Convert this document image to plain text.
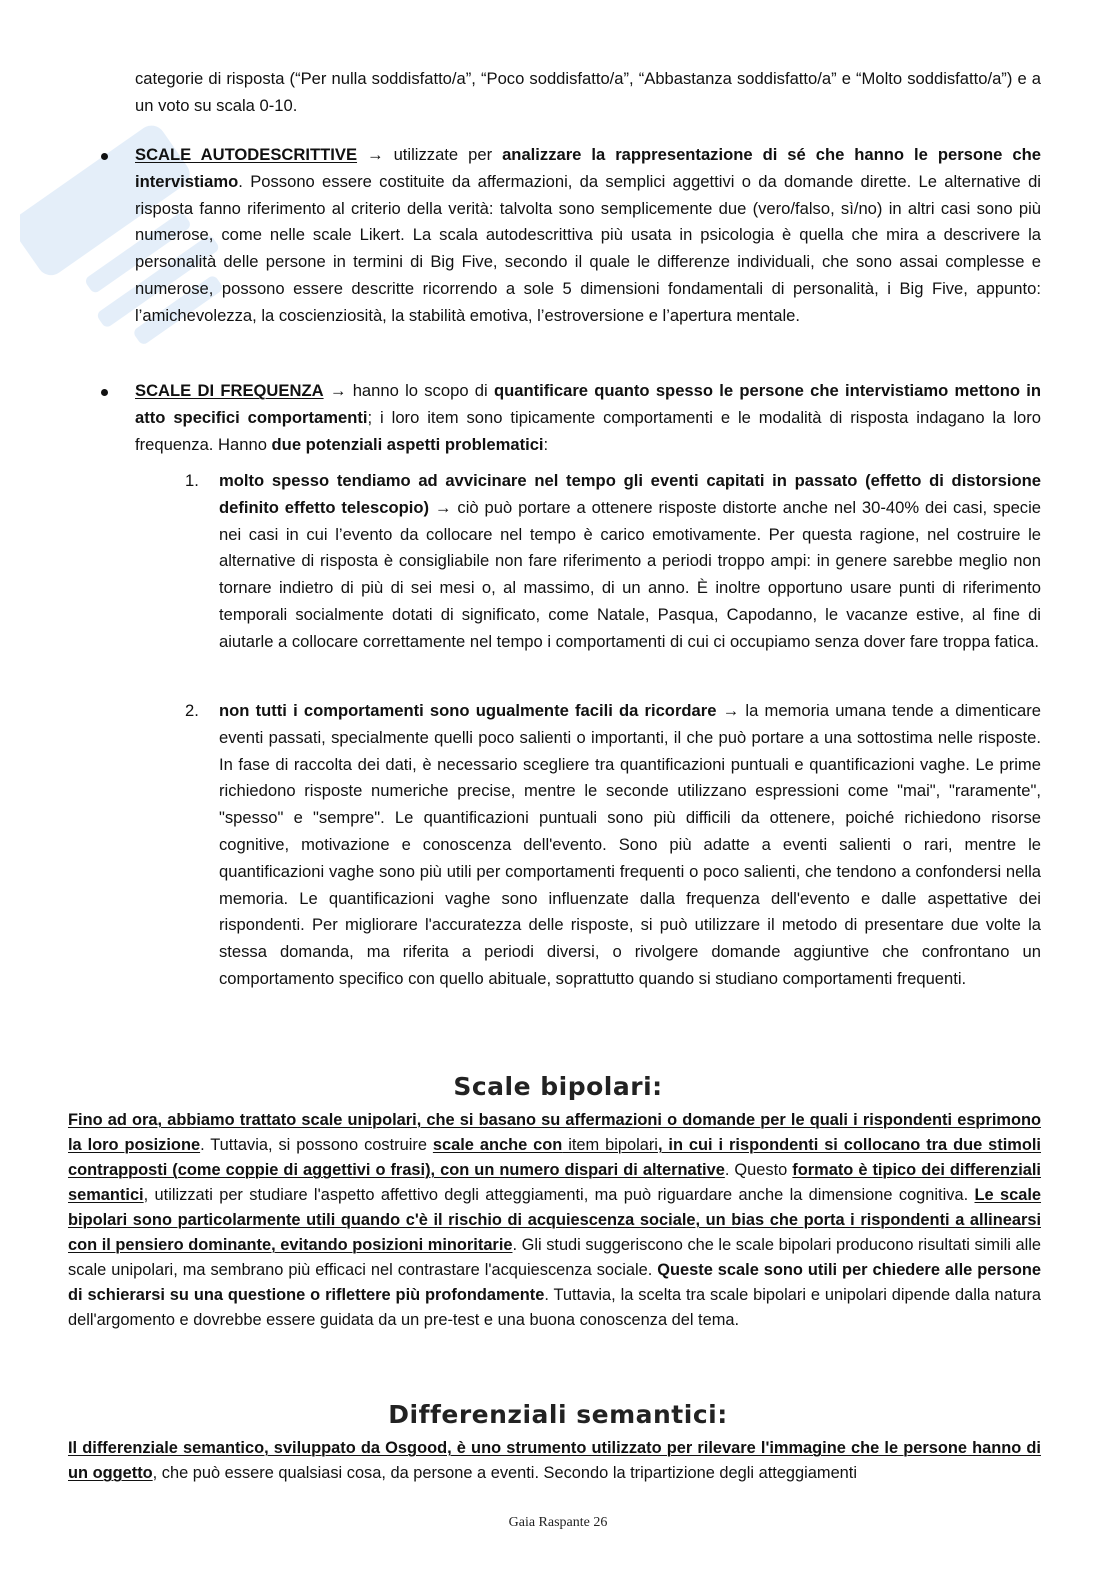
categorie di risposta (“Per nulla soddisfatto/a”, “Poco soddisfatto/a”, “Abbastanza soddisfatto/a” e “Molto soddisfatto/a”) e a un voto su scala 0-10.

SCALE AUTODESCRITTIVE → utilizzate per analizzare la rappresentazione di sé che hanno le persone che intervistiamo. Possono essere costituite da affermazioni, da semplici aggettivi o da domande dirette. Le alternative di risposta fanno riferimento al criterio della verità: talvolta sono semplicemente due (vero/falso, sì/no) in altri casi sono più numerose, come nelle scale Likert. La scala autodescrittiva più usata in psicologia è quella che mira a descrivere la personalità delle persone in termini di Big Five, secondo il quale le differenze individuali, che sono assai complesse e numerose, possono essere descritte ricorrendo a sole 5 dimensioni fondamentali di personalità, i Big Five, appunto: l’amichevolezza, la coscienziosità, la stabilità emotiva, l’estroversione e l’apertura mentale.

SCALE DI FREQUENZA → hanno lo scopo di quantificare quanto spesso le persone che intervistiamo mettono in atto specifici comportamenti; i loro item sono tipicamente comportamenti e le modalità di risposta indagano la loro frequenza. Hanno due potenziali aspetti problematici:

1. molto spesso tendiamo ad avvicinare nel tempo gli eventi capitati in passato (effetto di distorsione definito effetto telescopio) → ciò può portare a ottenere risposte distorte anche nel 30-40% dei casi, specie nei casi in cui l’evento da collocare nel tempo è carico emotivamente. Per questa ragione, nel costruire le alternative di risposta è consigliabile non fare riferimento a periodi troppo ampi: in genere sarebbe meglio non tornare indietro di più di sei mesi o, al massimo, di un anno. È inoltre opportuno usare punti di riferimento temporali socialmente dotati di significato, come Natale, Pasqua, Capodanno, le vacanze estive, al fine di aiutarle a collocare correttamente nel tempo i comportamenti di cui ci occupiamo senza dover fare troppa fatica.

2. non tutti i comportamenti sono ugualmente facili da ricordare → la memoria umana tende a dimenticare eventi passati, specialmente quelli poco salienti o importanti, il che può portare a una sottostima nelle risposte. In fase di raccolta dei dati, è necessario scegliere tra quantificazioni puntuali e quantificazioni vaghe. Le prime richiedono risposte numeriche precise, mentre le seconde utilizzano espressioni come "mai", "raramente", "spesso" e "sempre". Le quantificazioni puntuali sono più difficili da ottenere, poiché richiedono risorse cognitive, motivazione e conoscenza dell'evento. Sono più adatte a eventi salienti o rari, mentre le quantificazioni vaghe sono più utili per comportamenti frequenti o poco salienti, che tendono a confondersi nella memoria. Le quantificazioni vaghe sono influenzate dalla frequenza dell'evento e dalle aspettative dei rispondenti. Per migliorare l'accuratezza delle risposte, si può utilizzare il metodo di presentare due volte la stessa domanda, ma riferita a periodi diversi, o rivolgere domande aggiuntive che confrontano un comportamento specifico con quello abituale, soprattutto quando si studiano comportamenti frequenti.

Scale bipolari:

Fino ad ora, abbiamo trattato scale unipolari, che si basano su affermazioni o domande per le quali i rispondenti esprimono la loro posizione. Tuttavia, si possono costruire scale anche con item bipolari, in cui i rispondenti si collocano tra due stimoli contrapposti (come coppie di aggettivi o frasi), con un numero dispari di alternative. Questo formato è tipico dei differenziali semantici, utilizzati per studiare l'aspetto affettivo degli atteggiamenti, ma può riguardare anche la dimensione cognitiva. Le scale bipolari sono particolarmente utili quando c'è il rischio di acquiescenza sociale, un bias che porta i rispondenti a allinearsi con il pensiero dominante, evitando posizioni minoritarie. Gli studi suggeriscono che le scale bipolari producono risultati simili alle scale unipolari, ma sembrano più efficaci nel contrastare l'acquiescenza sociale. Queste scale sono utili per chiedere alle persone di schierarsi su una questione o riflettere più profondamente. Tuttavia, la scelta tra scale bipolari e unipolari dipende dalla natura dell'argomento e dovrebbe essere guidata da un pre-test e una buona conoscenza del tema.

Differenziali semantici:

Il differenziale semantico, sviluppato da Osgood, è uno strumento utilizzato per rilevare l'immagine che le persone hanno di un oggetto, che può essere qualsiasi cosa, da persone a eventi. Secondo la tripartizione degli atteggiamenti

Gaia Raspante 26
